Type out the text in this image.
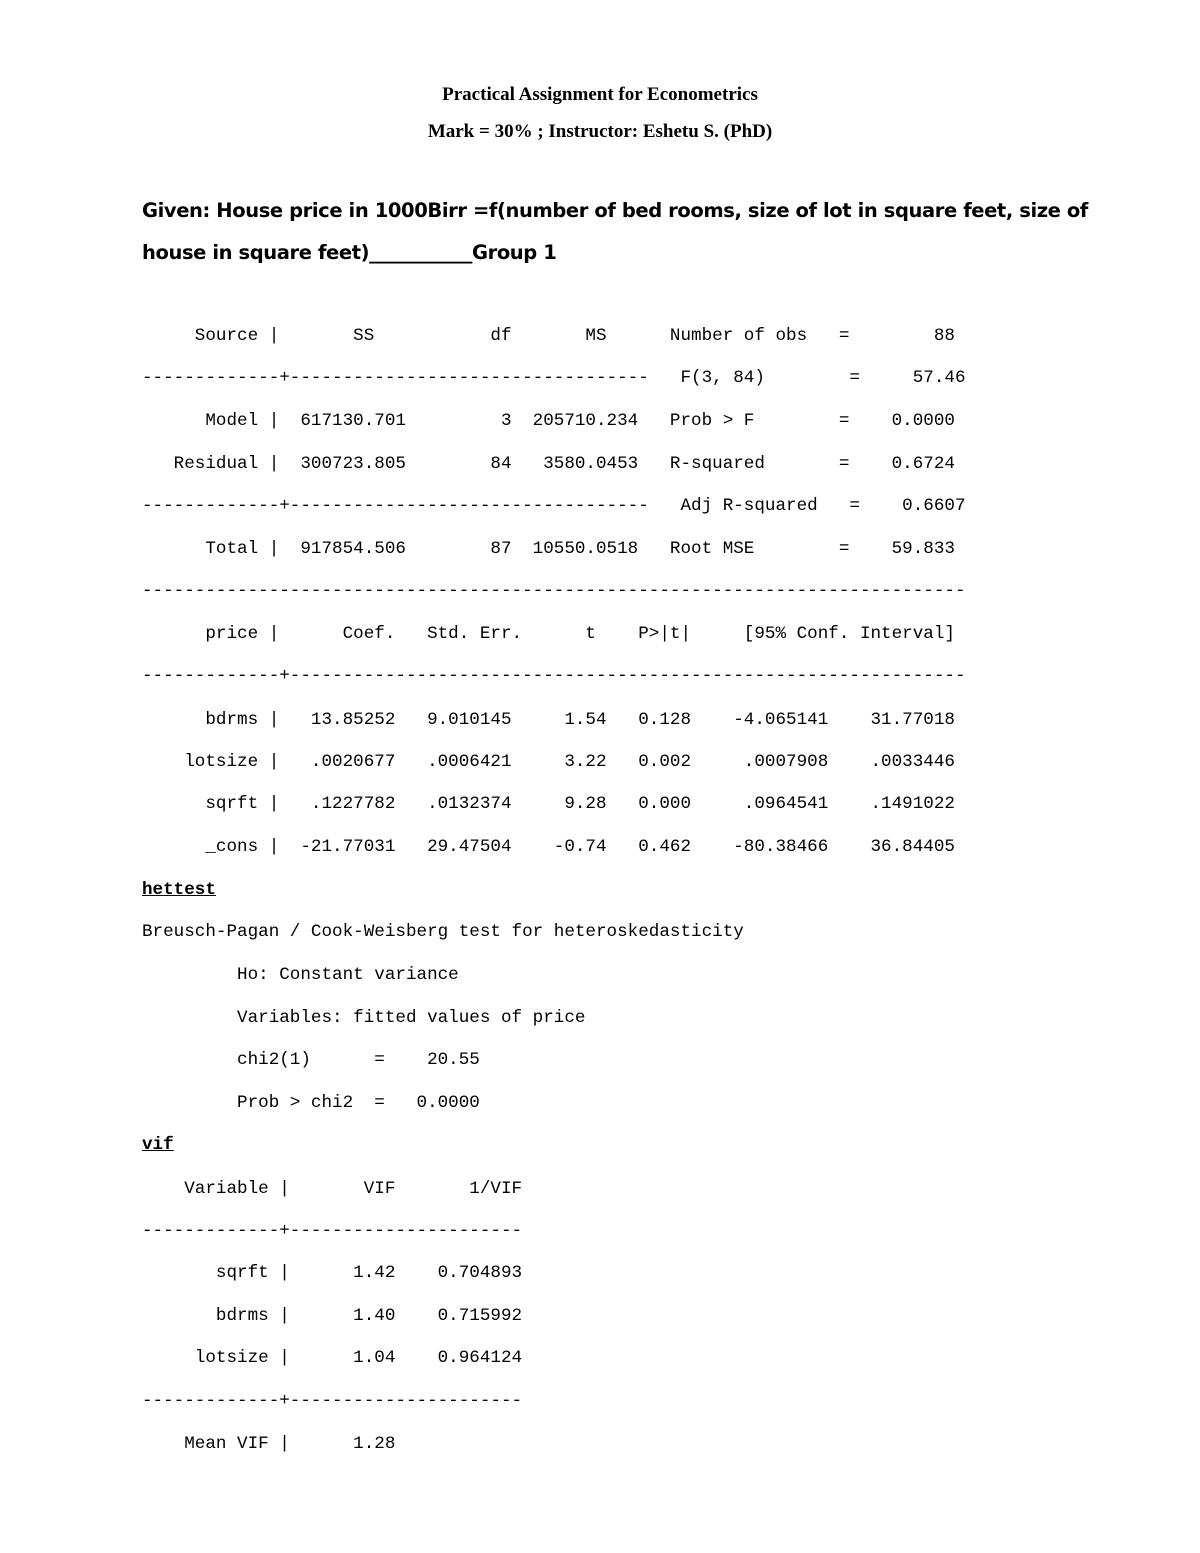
Practical Assignment for Econometrics
Mark = 30% ; Instructor: Eshetu S. (PhD)
Given: House price in 1000Birr =f(number of bed rooms, size of lot in square feet, size of
house in square feet)___________Group 1
Source |       SS           df       MS      Number of obs   =        88
-------------+----------------------------------   F(3, 84)        =     57.46
Model |  617130.701         3  205710.234   Prob > F        =    0.0000
Residual |  300723.805        84   3580.0453   R-squared       =    0.6724
-------------+----------------------------------   Adj R-squared   =    0.6607
Total |  917854.506        87  10550.0518   Root MSE        =    59.833
------------------------------------------------------------------------------
price |      Coef.   Std. Err.      t    P>|t|     [95% Conf. Interval]
-------------+----------------------------------------------------------------
bdrms |   13.85252   9.010145     1.54   0.128    -4.065141    31.77018
lotsize |   .0020677   .0006421     3.22   0.002     .0007908    .0033446
sqrft |   .1227782   .0132374     9.28   0.000     .0964541    .1491022
_cons |  -21.77031   29.47504    -0.74   0.462    -80.38466    36.84405
hettest
Breusch-Pagan / Cook-Weisberg test for heteroskedasticity
Ho: Constant variance
Variables: fitted values of price
chi2(1)      =    20.55
Prob > chi2  =   0.0000
vif
Variable |       VIF       1/VIF
-------------+----------------------
sqrft |      1.42    0.704893
bdrms |      1.40    0.715992
lotsize |      1.04    0.964124
-------------+----------------------
Mean VIF |      1.28
